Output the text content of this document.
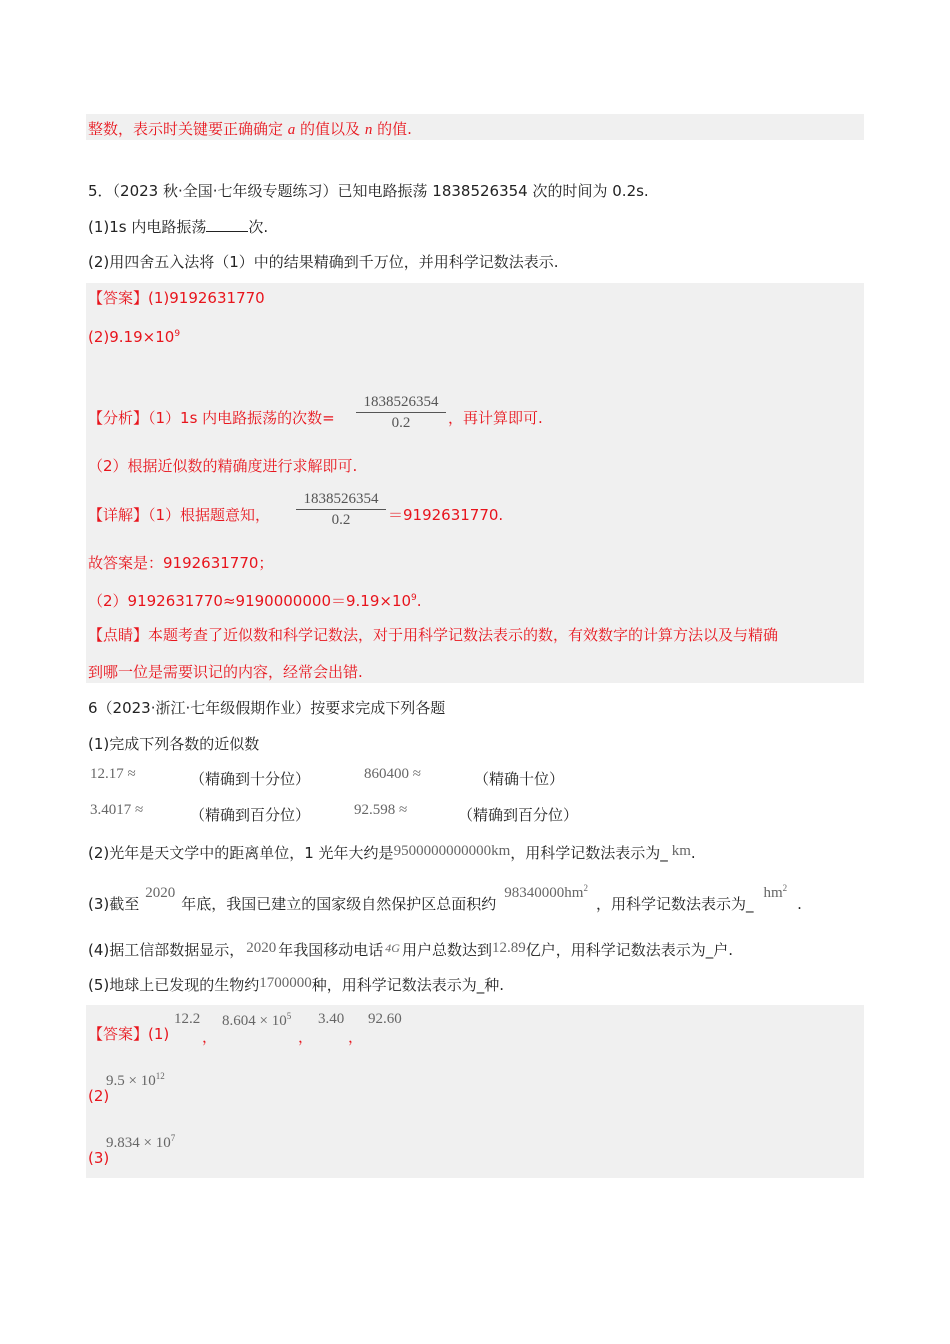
整数，表示时关键要正确确定 a 的值以及 n 的值.
5．（2023 秋·全国·七年级专题练习）已知电路振荡 1838526354 次的时间为 0.2s.
(1)1s 内电路振荡	次.
(2)用四舍五入法将（1）中的结果精确到千万位，并用科学记数法表示.
【答案】(1)9192631770
$(2)9.19\times 10^9$
【分析】（1）1s 内电路振荡的次数=
1838526354
0.2	，再计算即可.
（2）根据近似数的精确度进行求解即可.
【详解】（1）根据题意知，
1838526354
0.2	＝9192631770.
故答案是：9192631770；
$(2)9192631770\approx 9190000000=9.19\times 10^9$.
【点睛】本题考查了近似数和科学记数法，对于用科学记数法表示的数，有效数字的计算方法以及与精确
到哪一位是需要识记的内容，经常会出错.
6（2023·浙江·七年级假期作业）按要求完成下列各题
(1)完成下列各数的近似数
12.17 ≈	（精确到十分位）	860400 ≈	（精确十位）
3.4017 ≈	（精确到百分位）	92.598 ≈	（精确到百分位）
(2)光年是天文学中的距离单位，1 光年大约是9500000000000km，用科学记数法表示为_ km.
(3)截至2020年底，我国已建立的国家级自然保护区总面积约$98340000hm^2$，用科学记数法表示为$\_hm^2$.
(4)据工信部数据显示， 2020 年我国移动电话 $^{4G}$ 用户总数达到12.89亿户，用科学记数法表示为_户.
(5)地球上已发现的生物约1700000种，用科学记数法表示为_种.
【答案】(1)
12.2
，
$8.604 \times 10^5$
，
3.40
，
92.60
$9.5 \times 10^{12}$
(2)
$9.834 \times 10^7$
(3)
